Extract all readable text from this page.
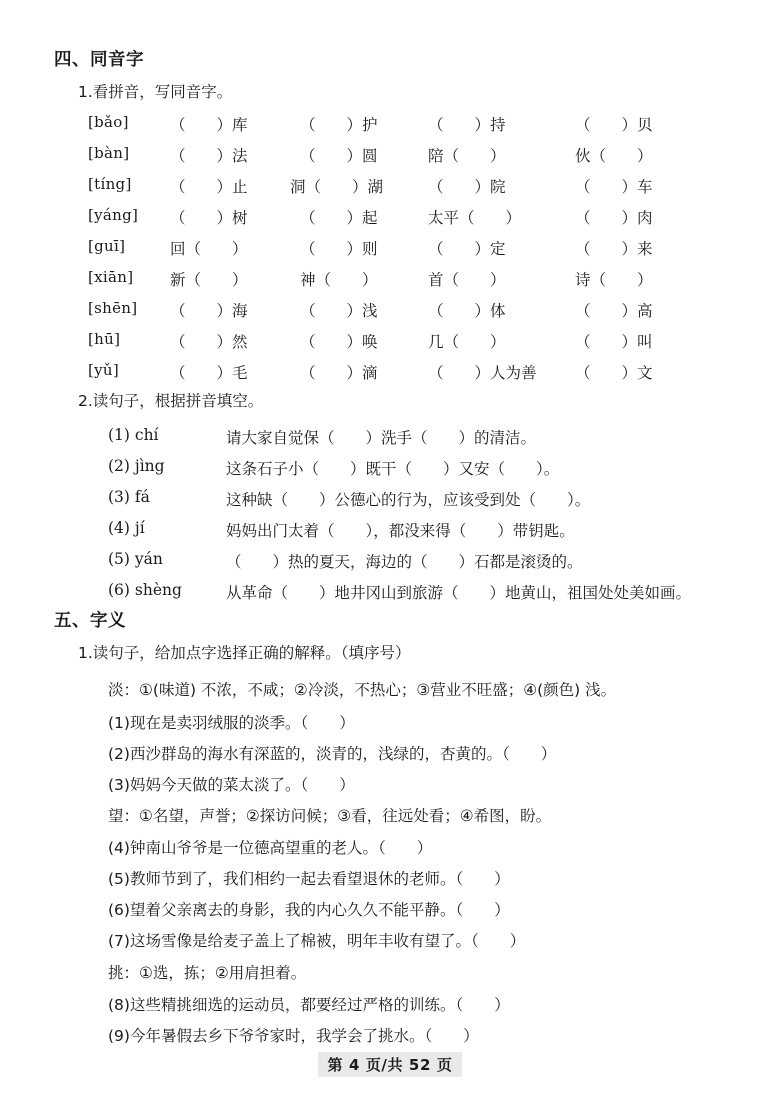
四、同音字
1.看拼音，写同音字。
[bǎo]	（　　）库	（　　）护	（　　）持	（　　）贝
[bàn]	（　　）法	（　　）圆	陪（　　）	伙（　　）
[tíng] （　　）止	洞（　　）湖	（　　）院	（　　）车
[yáng] （　　）树	（　　）起	太平（　　）	（　　）肉
[guī]	回（　　）	（　　）则	（　　）定	（　　）来
[xiān] 新（　　）	神（　　）	首（　　）	诗（　　）
[shēn] （　　）海	（　　）浅	（　　）体	（　　）高
[hū]	（　　）然	（　　）唤	几（　　）	（　　）叫
[yǔ]	（　　）毛	（　　）滴	（　　）人为善 （　　）文
2.读句子，根据拼音填空。
(1) chí	请大家自觉保（　　）洗手（　　）的清洁。
(2) jìng	这条石子小（　　）既干（　　）又安（　　）。
(3) fá	这种缺（　　）公德心的行为，应该受到处（　　）。
(4) jí	妈妈出门太着（　　），都没来得（　　）带钥匙。
(5) yán	（　　）热的夏天，海边的（　　）石都是滚烫的。
(6) shèng	从革命（　　）地井冈山到旅游（　　）地黄山，祖国处处美如画。
五、字义
1.读句子，给加点字选择正确的解释。（填序号）
淡：①(味道) 不浓，不咸；②冷淡，不热心；③营业不旺盛；④(颜色) 浅。
(1)现在是卖羽绒服的淡季。（　　）
(2)西沙群岛的海水有深蓝的，淡青的，浅绿的，杏黄的。（　　）
(3)妈妈今天做的菜太淡了。（　　）
望：①名望，声誉；②探访问候；③看，往远处看；④希图，盼。
(4)钟南山爷爷是一位德高望重的老人。（　　）
(5)教师节到了，我们相约一起去看望退休的老师。（　　）
(6)望着父亲离去的身影，我的内心久久不能平静。（　　）
(7)这场雪像是给麦子盖上了棉被，明年丰收有望了。（　　）
挑：①选，拣；②用肩担着。
(8)这些精挑细选的运动员，都要经过严格的训练。（　　）
(9)今年暑假去乡下爷爷家时，我学会了挑水。（　　）
第 4 页/共 52 页
